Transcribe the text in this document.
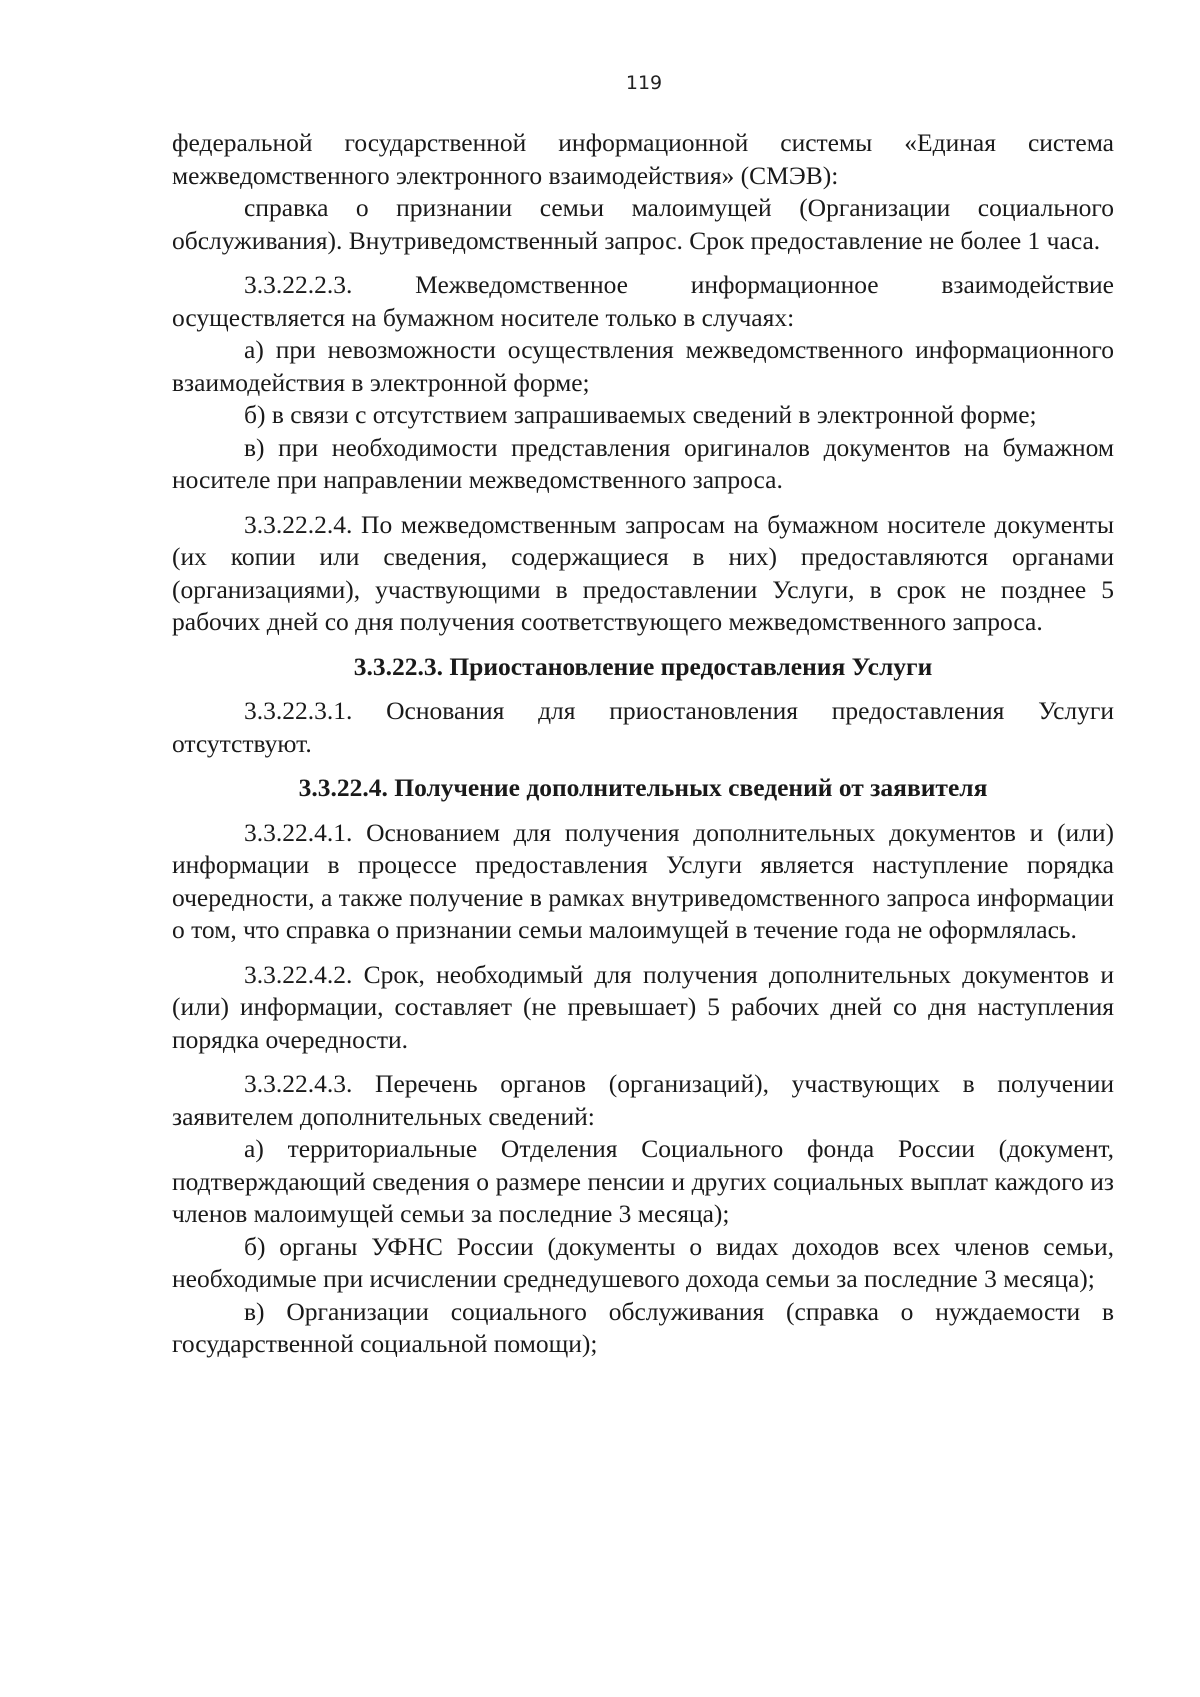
119

федеральной государственной информационной системы «Единая система межведомственного электронного взаимодействия» (СМЭВ):

справка о признании семьи малоимущей (Организации социального обслуживания). Внутриведомственный запрос. Срок предоставление не более 1 часа.

3.3.22.2.3. Межведомственное информационное взаимодействие осуществляется на бумажном носителе только в случаях:

а) при невозможности осуществления межведомственного информационного взаимодействия в электронной форме;

б) в связи с отсутствием запрашиваемых сведений в электронной форме;

в) при необходимости представления оригиналов документов на бумажном носителе при направлении межведомственного запроса.

3.3.22.2.4. По межведомственным запросам на бумажном носителе документы (их копии или сведения, содержащиеся в них) предоставляются органами (организациями), участвующими в предоставлении Услуги, в срок не позднее 5 рабочих дней со дня получения соответствующего межведомственного запроса.

3.3.22.3. Приостановление предоставления Услуги

3.3.22.3.1. Основания для приостановления предоставления Услуги отсутствуют.

3.3.22.4. Получение дополнительных сведений от заявителя

3.3.22.4.1. Основанием для получения дополнительных документов и (или) информации в процессе предоставления Услуги является наступление порядка очередности, а также получение в рамках внутриведомственного запроса информации о том, что справка о признании семьи малоимущей в течение года не оформлялась.

3.3.22.4.2. Срок, необходимый для получения дополнительных документов и (или) информации, составляет (не превышает) 5 рабочих дней со дня наступления порядка очередности.

3.3.22.4.3. Перечень органов (организаций), участвующих в получении заявителем дополнительных сведений:

а) территориальные Отделения Социального фонда России (документ, подтверждающий сведения о размере пенсии и других социальных выплат каждого из членов малоимущей семьи за последние 3 месяца);

б) органы УФНС России (документы о видах доходов всех членов семьи, необходимые при исчислении среднедушевого дохода семьи за последние 3 месяца);

в) Организации социального обслуживания (справка о нуждаемости в государственной социальной помощи);
